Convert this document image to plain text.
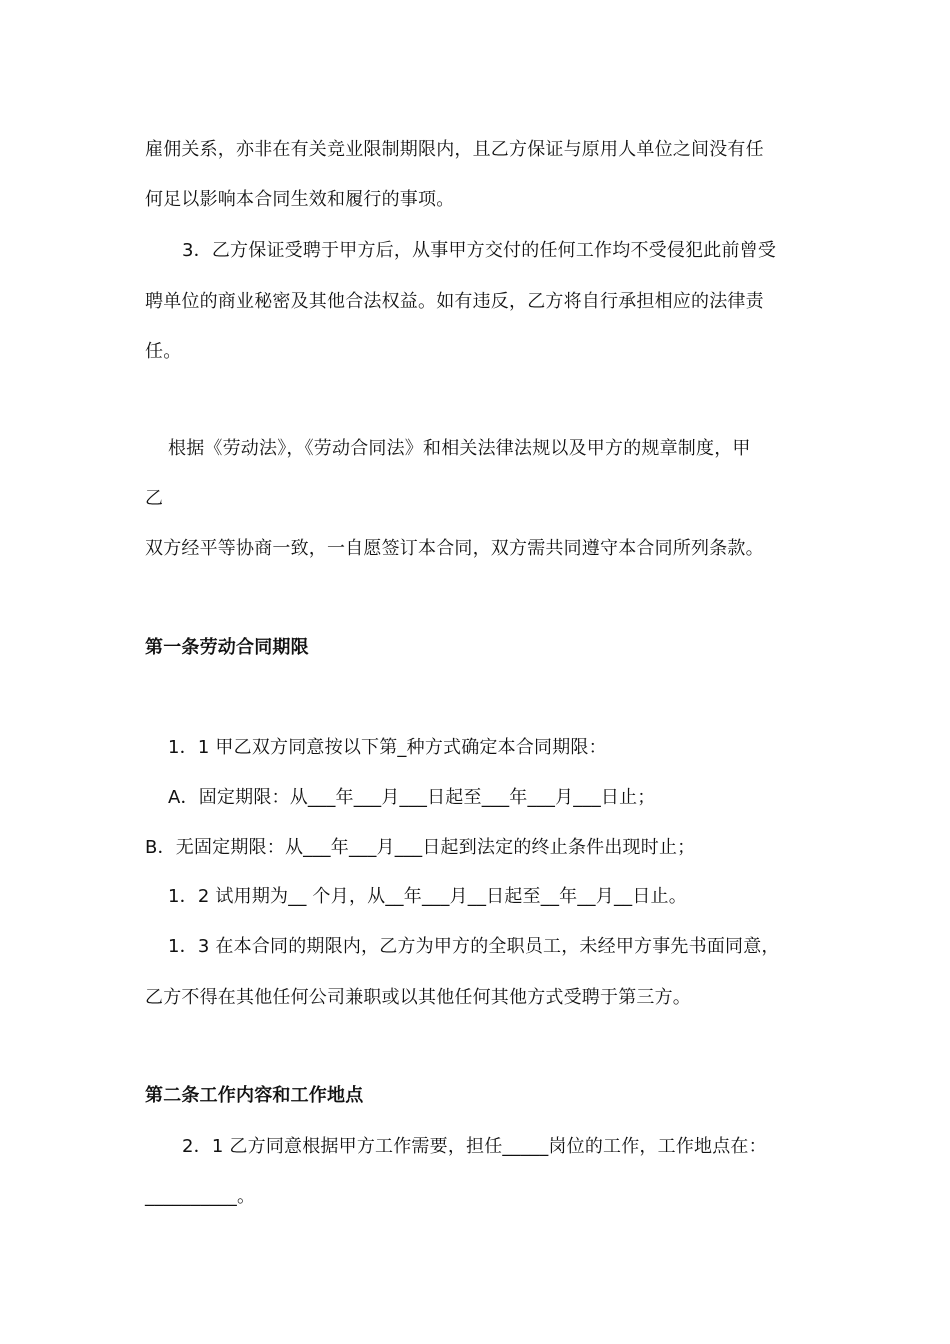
雇佣关系，亦非在有关竞业限制期限内，且乙方保证与原用人单位之间没有任
何足以影响本合同生效和履行的事项。
3．乙方保证受聘于甲方后，从事甲方交付的任何工作均不受侵犯此前曾受
聘单位的商业秘密及其他合法权益。如有违反，乙方将自行承担相应的法律责
任。
根据《劳动法》，《劳动合同法》和相关法律法规以及甲方的规章制度，甲
乙
双方经平等协商一致，一自愿签订本合同，双方需共同遵守本合同所列条款。
第一条劳动合同期限
1．1 甲乙双方同意按以下第_种方式确定本合同期限：
A．固定期限：从___年___月___日起至___年___月___日止；
B．无固定期限：从___年___月___日起到法定的终止条件出现时止；
1．2 试用期为__ 个月，从__年___月__日起至__年__月__日止。
1．3 在本合同的期限内，乙方为甲方的全职员工，未经甲方事先书面同意，
乙方不得在其他任何公司兼职或以其他任何其他方式受聘于第三方。
第二条工作内容和工作地点
2．1 乙方同意根据甲方工作需要，担任_____岗位的工作，工作地点在：
__________。
